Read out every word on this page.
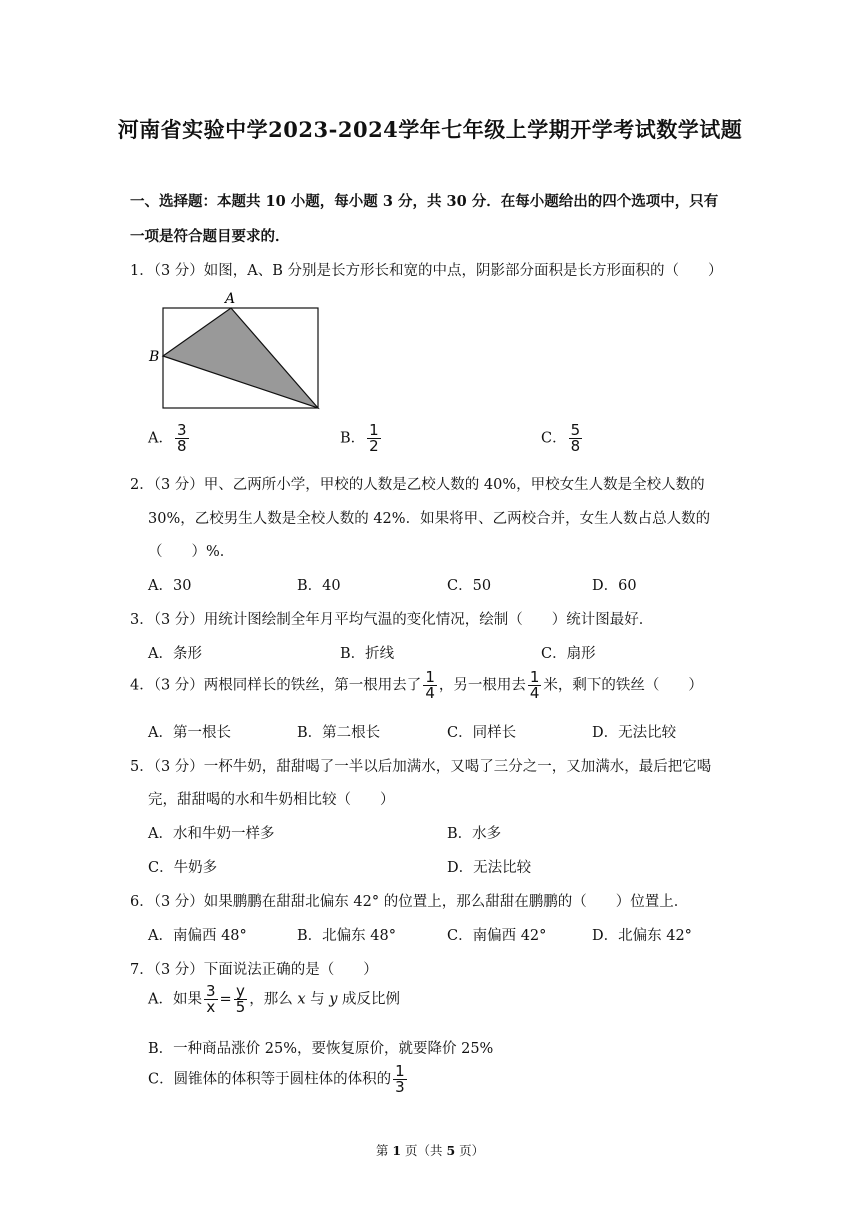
河南省实验中学2023-2024学年七年级上学期开学考试数学试题
一、选择题：本题共 10 小题，每小题 3 分，共 30 分．在每小题给出的四个选项中，只有
一项是符合题目要求的．
1．（3 分）如图，A、B 分别是长方形长和宽的中点，阴影部分面积是长方形面积的（　　）
A
B
A． $\frac{3}{8}$	B． $\frac{1}{2}$	C． $\frac{5}{8}$
2．（3 分）甲、乙两所小学，甲校的人数是乙校人数的 40%，甲校女生人数是全校人数的
30%，乙校男生人数是全校人数的 42%．如果将甲、乙两校合并，女生人数占总人数的
（　　）%．
A．30	B．40	C．50	D．60
3．（3 分）用统计图绘制全年月平均气温的变化情况，绘制（　　）统计图最好．
A．条形	B．折线	C．扇形
4．（3 分）两根同样长的铁丝，第一根用去了 $\frac{1}{4}$ ，另一根用去 $\frac{1}{4}$ 米，剩下的铁丝（　　）
A．第一根长	B．第二根长	C．同样长	D．无法比较
5．（3 分）一杯牛奶，甜甜喝了一半以后加满水，又喝了三分之一，又加满水，最后把它喝
完，甜甜喝的水和牛奶相比较（　　）
A．水和牛奶一样多	B．水多
C．牛奶多	D．无法比较
6．（3 分）如果鹏鹏在甜甜北偏东 42° 的位置上，那么甜甜在鹏鹏的（　　）位置上．
A．南偏西 48°	B．北偏东 48°	C．南偏西 42°	D．北偏东 42°
7．（3 分）下面说法正确的是（　　）
A．如果 $\frac{3}{x} = \frac{y}{5}$ ，那么 x 与 y 成反比例
B．一种商品涨价 25%，要恢复原价，就要降价 25%
C．圆锥体的体积等于圆柱体的体积的 $\frac{1}{3}$
第 1 页（共 5 页）
